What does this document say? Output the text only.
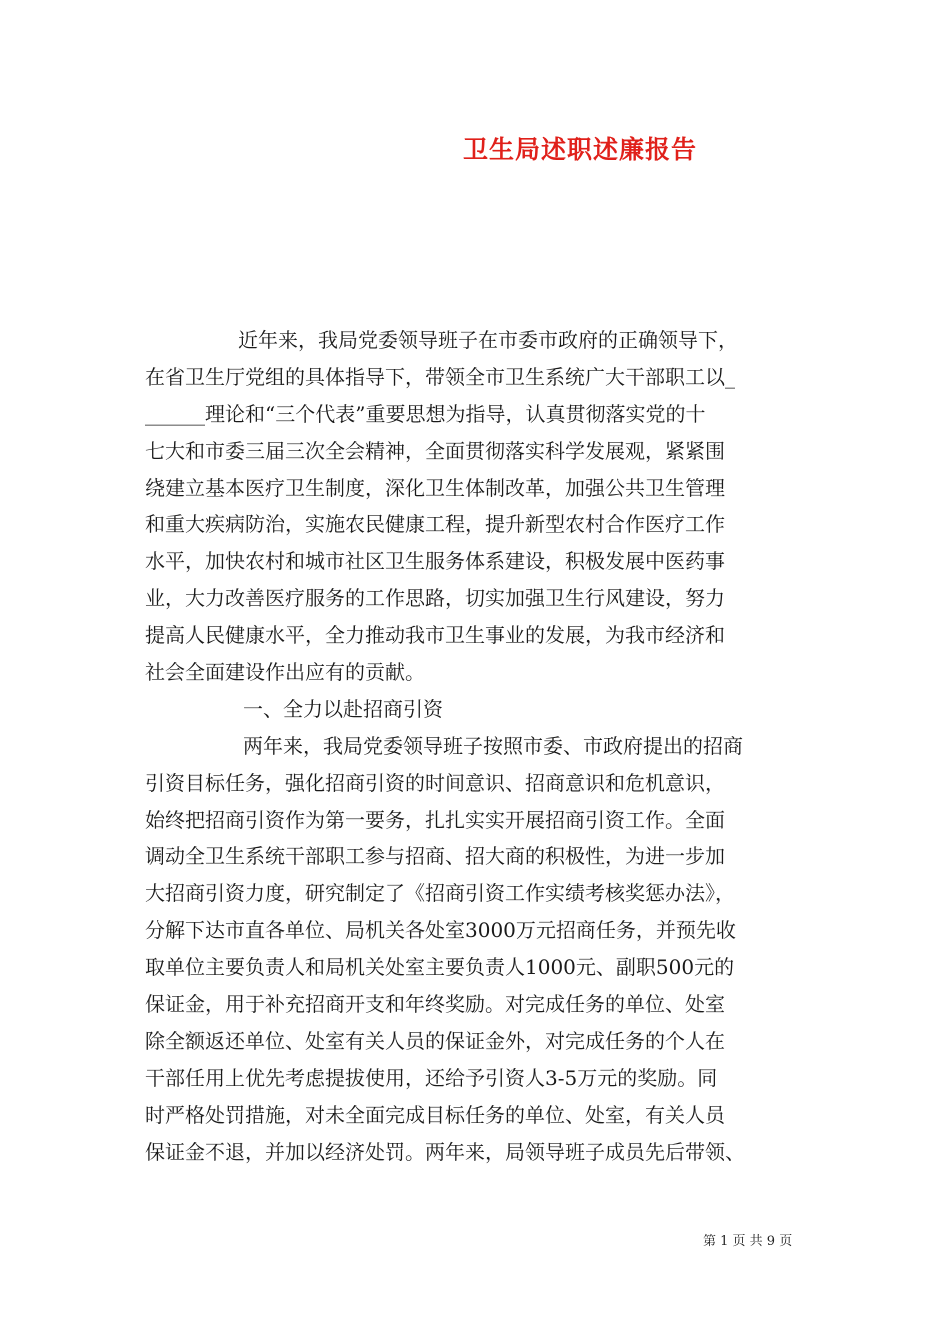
卫生局述职述廉报告
近年来，我局党委领导班子在市委市政府的正确领导下，
在省卫生厅党组的具体指导下，带领全市卫生系统广大干部职工以_
______理论和“三个代表”重要思想为指导，认真贯彻落实党的十
七大和市委三届三次全会精神，全面贯彻落实科学发展观，紧紧围
绕建立基本医疗卫生制度，深化卫生体制改革，加强公共卫生管理
和重大疾病防治，实施农民健康工程，提升新型农村合作医疗工作
水平，加快农村和城市社区卫生服务体系建设，积极发展中医药事
业，大力改善医疗服务的工作思路，切实加强卫生行风建设，努力
提高人民健康水平，全力推动我市卫生事业的发展，为我市经济和
社会全面建设作出应有的贡献。
一、全力以赴招商引资
两年来，我局党委领导班子按照市委、市政府提出的招商
引资目标任务，强化招商引资的时间意识、招商意识和危机意识，
始终把招商引资作为第一要务，扎扎实实开展招商引资工作。全面
调动全卫生系统干部职工参与招商、招大商的积极性，为进一步加
大招商引资力度，研究制定了《招商引资工作实绩考核奖惩办法》，
分解下达市直各单位、局机关各处室3000万元招商任务，并预先收
取单位主要负责人和局机关处室主要负责人1000元、副职500元的
保证金，用于补充招商开支和年终奖励。对完成任务的单位、处室
除全额返还单位、处室有关人员的保证金外，对完成任务的个人在
干部任用上优先考虑提拔使用，还给予引资人3-5万元的奖励。同
时严格处罚措施，对未全面完成目标任务的单位、处室，有关人员
保证金不退，并加以经济处罚。两年来，局领导班子成员先后带领、
第 1 页 共 9 页
